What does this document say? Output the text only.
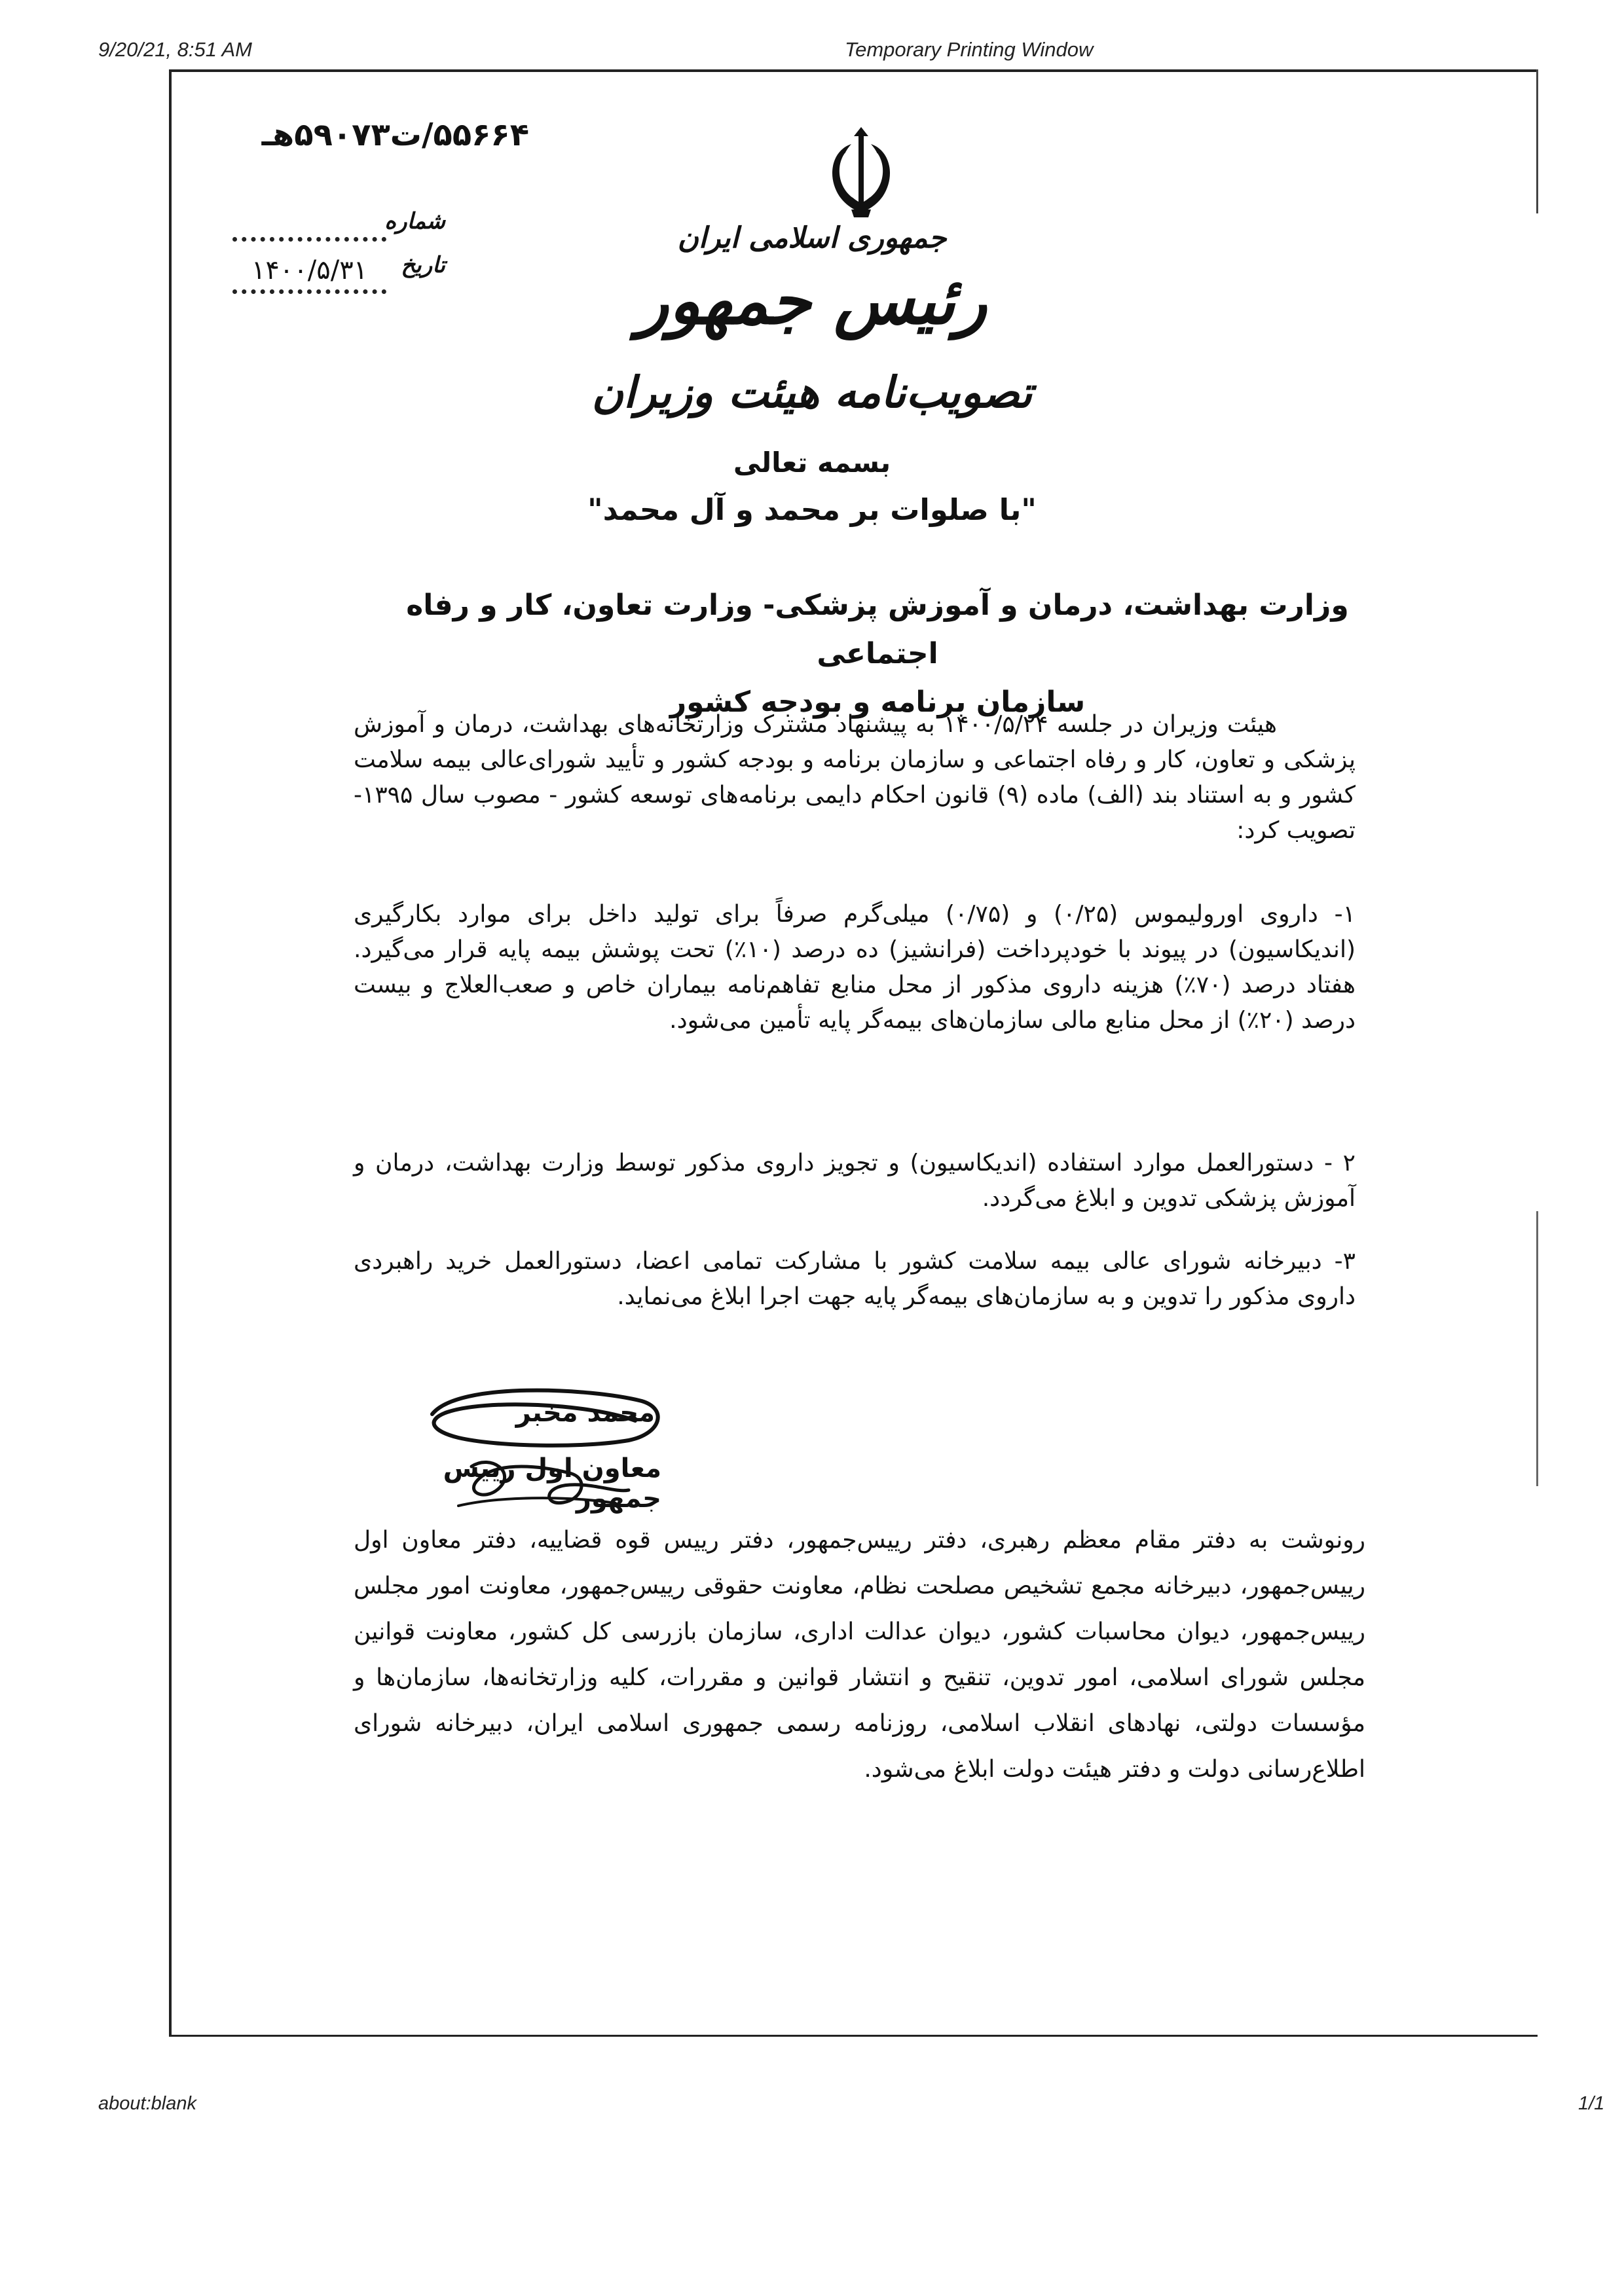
9/20/21, 8:51 AM	Temporary Printing Window
about:blank	1/1
۵۵۶۶۴/ت۵۹۰۷۳هـ
شماره
تاریخ
۱۴۰۰/۵/۳۱
جمهوری اسلامی ایران
رئیس جمهور
تصویب‌نامه هیئت وزیران
بسمه تعالی
"با صلوات بر محمد و آل محمد"
وزارت بهداشت، درمان و آموزش پزشکی- وزارت تعاون، کار و رفاه اجتماعی
سازمان برنامه و بودجه کشور
هیئت وزیران در جلسه ۱۴۰۰/۵/۲۴ به پیشنهاد مشترک وزارتخانه‌های بهداشت، درمان و آموزش پزشکی و تعاون، کار و رفاه اجتماعی و سازمان برنامه و بودجه کشور و تأیید شورای‌عالی بیمه سلامت کشور و به استناد بند (الف) ماده (۹) قانون احکام دایمی برنامه‌های توسعه کشور - مصوب سال ۱۳۹۵- تصویب کرد:
۱- داروی اورولیموس (۰/۲۵) و (۰/۷۵) میلی‌گرم صرفاً برای تولید داخل برای موارد بکارگیری (اندیکاسیون) در پیوند با خودپرداخت (فرانشیز) ده درصد (۱۰٪) تحت پوشش بیمه پایه قرار می‌گیرد. هفتاد درصد (۷۰٪) هزینه داروی مذکور از محل منابع تفاهم‌نامه بیماران خاص و صعب‌العلاج و بیست درصد (۲۰٪) از محل منابع مالی سازمان‌های بیمه‌گر پایه تأمین می‌شود.
۲ - دستورالعمل موارد استفاده (اندیکاسیون) و تجویز داروی مذکور توسط وزارت بهداشت، درمان و آموزش پزشکی تدوین و ابلاغ می‌گردد.
۳- دبیرخانه شورای عالی بیمه سلامت کشور با مشارکت تمامی اعضا، دستورالعمل خرید راهبردی داروی مذکور را تدوین و به سازمان‌های بیمه‌گر پایه جهت اجرا ابلاغ می‌نماید.
محمد مخبر
معاون اول رییس جمهور
رونوشت به دفتر مقام معظم رهبری، دفتر رییس‌جمهور، دفتر رییس قوه قضاییه، دفتر معاون اول رییس‌جمهور، دبیرخانه مجمع تشخیص مصلحت نظام، معاونت حقوقی رییس‌جمهور، معاونت امور مجلس رییس‌جمهور، دیوان محاسبات کشور، دیوان عدالت اداری، سازمان بازرسی کل کشور، معاونت قوانین مجلس شورای اسلامی، امور تدوین، تنقیح و انتشار قوانین و مقررات، کلیه وزارتخانه‌ها، سازمان‌ها و مؤسسات دولتی، نهادهای انقلاب اسلامی، روزنامه رسمی جمهوری اسلامی ایران، دبیرخانه شورای اطلاع‌رسانی دولت و دفتر هیئت دولت ابلاغ می‌شود.
